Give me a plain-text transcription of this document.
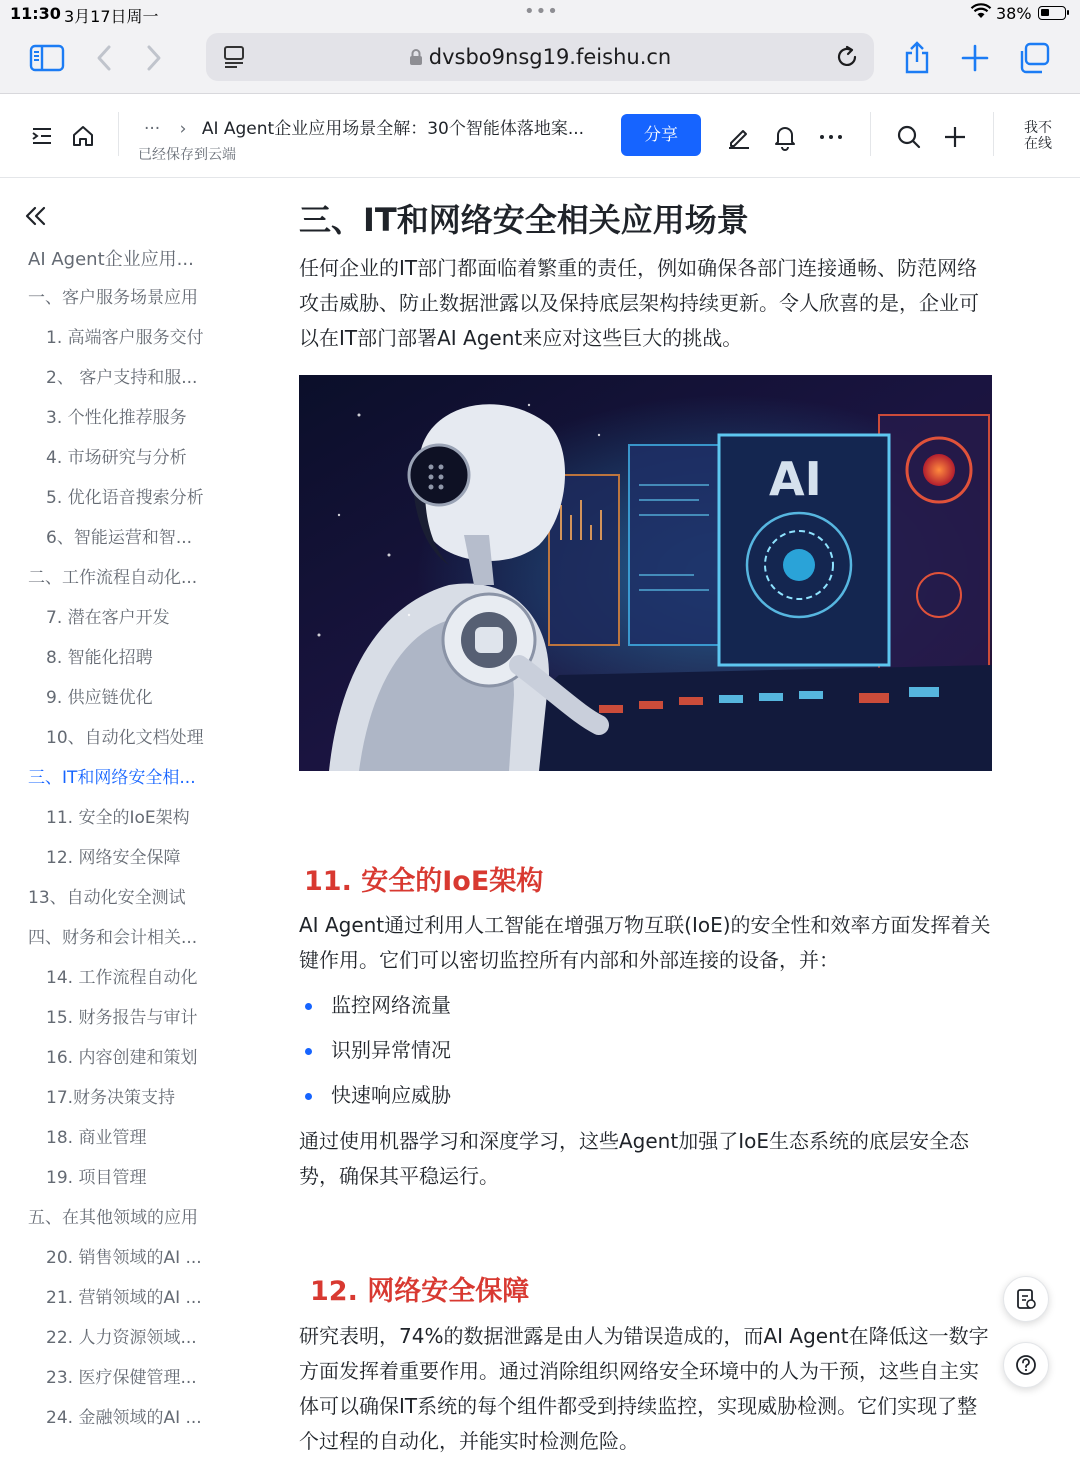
11:30 3月17日周一	•••	38%
dvsbo9nsg19.feishu.cn
··· › AI Agent企业应用场景全解：30个智能体落地案...
已经保存到云端
分享	我不在线
AI Agent企业应用...
一、客户服务场景应用
1. 高端客户服务交付
2、 客户支持和服...
3. 个性化推荐服务
4. 市场研究与分析
5. 优化语音搜索分析
6、智能运营和智...
二、工作流程自动化...
7. 潜在客户开发
8. 智能化招聘
9. 供应链优化
10、自动化文档处理
三、IT和网络安全相...
11. 安全的IoE架构
12. 网络安全保障
13、自动化安全测试
四、财务和会计相关...
14. 工作流程自动化
15. 财务报告与审计
16. 内容创建和策划
17.财务决策支持
18. 商业管理
19. 项目管理
五、在其他领域的应用
20. 销售领域的AI ...
21. 营销领域的AI ...
22. 人力资源领域...
23. 医疗保健管理...
24. 金融领域的AI ...
三、IT和网络安全相关应用场景
任何企业的IT部门都面临着繁重的责任，例如确保各部门连接通畅、防范网络攻击威胁、防止数据泄露以及保持底层架构持续更新。令人欣喜的是，企业可以在IT部门部署AI Agent来应对这些巨大的挑战。
AI
11. 安全的IoE架构
AI Agent通过利用人工智能在增强万物互联(IoE)的安全性和效率方面发挥着关键作用。它们可以密切监控所有内部和外部连接的设备，并：
监控网络流量
识别异常情况
快速响应威胁
通过使用机器学习和深度学习，这些Agent加强了IoE生态系统的底层安全态势，确保其平稳运行。
12. 网络安全保障
研究表明，74%的数据泄露是由人为错误造成的，而AI Agent在降低这一数字方面发挥着重要作用。通过消除组织网络安全环境中的人为干预，这些自主实体可以确保IT系统的每个组件都受到持续监控，实现威胁检测。它们实现了整个过程的自动化，并能实时检测危险。
